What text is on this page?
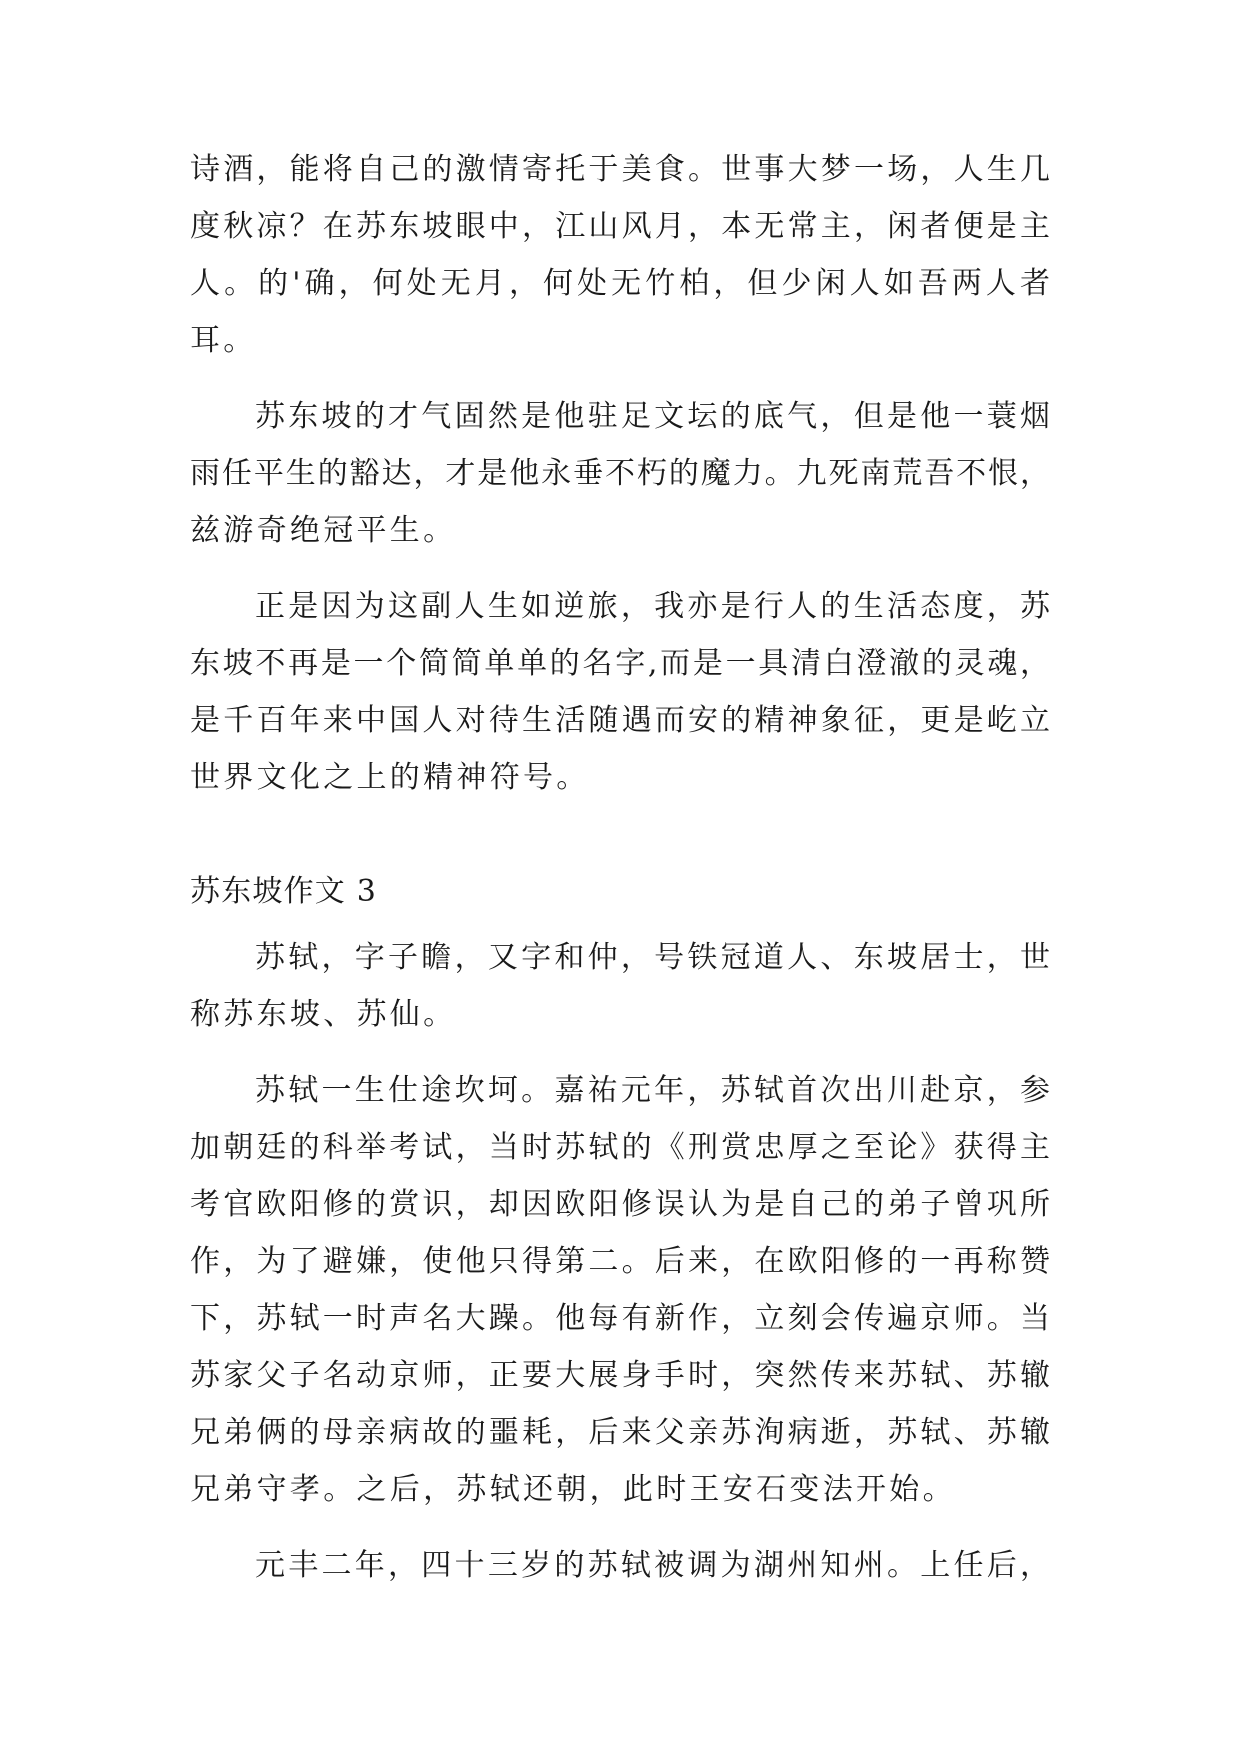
诗酒，能将自己的激情寄托于美食。世事大梦一场，人生几
度秋凉？在苏东坡眼中，江山风月，本无常主，闲者便是主
人。的'确，何处无月，何处无竹柏，但少闲人如吾两人者
耳。
苏东坡的才气固然是他驻足文坛的底气，但是他一蓑烟
雨任平生的豁达，才是他永垂不朽的魔力。九死南荒吾不恨，
兹游奇绝冠平生。
正是因为这副人生如逆旅，我亦是行人的生活态度，苏
东坡不再是一个简简单单的名字,而是一具清白澄澈的灵魂，
是千百年来中国人对待生活随遇而安的精神象征，更是屹立
世界文化之上的精神符号。
苏东坡作文 3
苏轼，字子瞻，又字和仲，号铁冠道人、东坡居士，世
称苏东坡、苏仙。
苏轼一生仕途坎坷。嘉祐元年，苏轼首次出川赴京，参
加朝廷的科举考试，当时苏轼的《刑赏忠厚之至论》获得主
考官欧阳修的赏识，却因欧阳修误认为是自己的弟子曾巩所
作，为了避嫌，使他只得第二。后来，在欧阳修的一再称赞
下，苏轼一时声名大躁。他每有新作，立刻会传遍京师。当
苏家父子名动京师，正要大展身手时，突然传来苏轼、苏辙
兄弟俩的母亲病故的噩耗，后来父亲苏洵病逝，苏轼、苏辙
兄弟守孝。之后，苏轼还朝，此时王安石变法开始。
元丰二年，四十三岁的苏轼被调为湖州知州。上任后，
